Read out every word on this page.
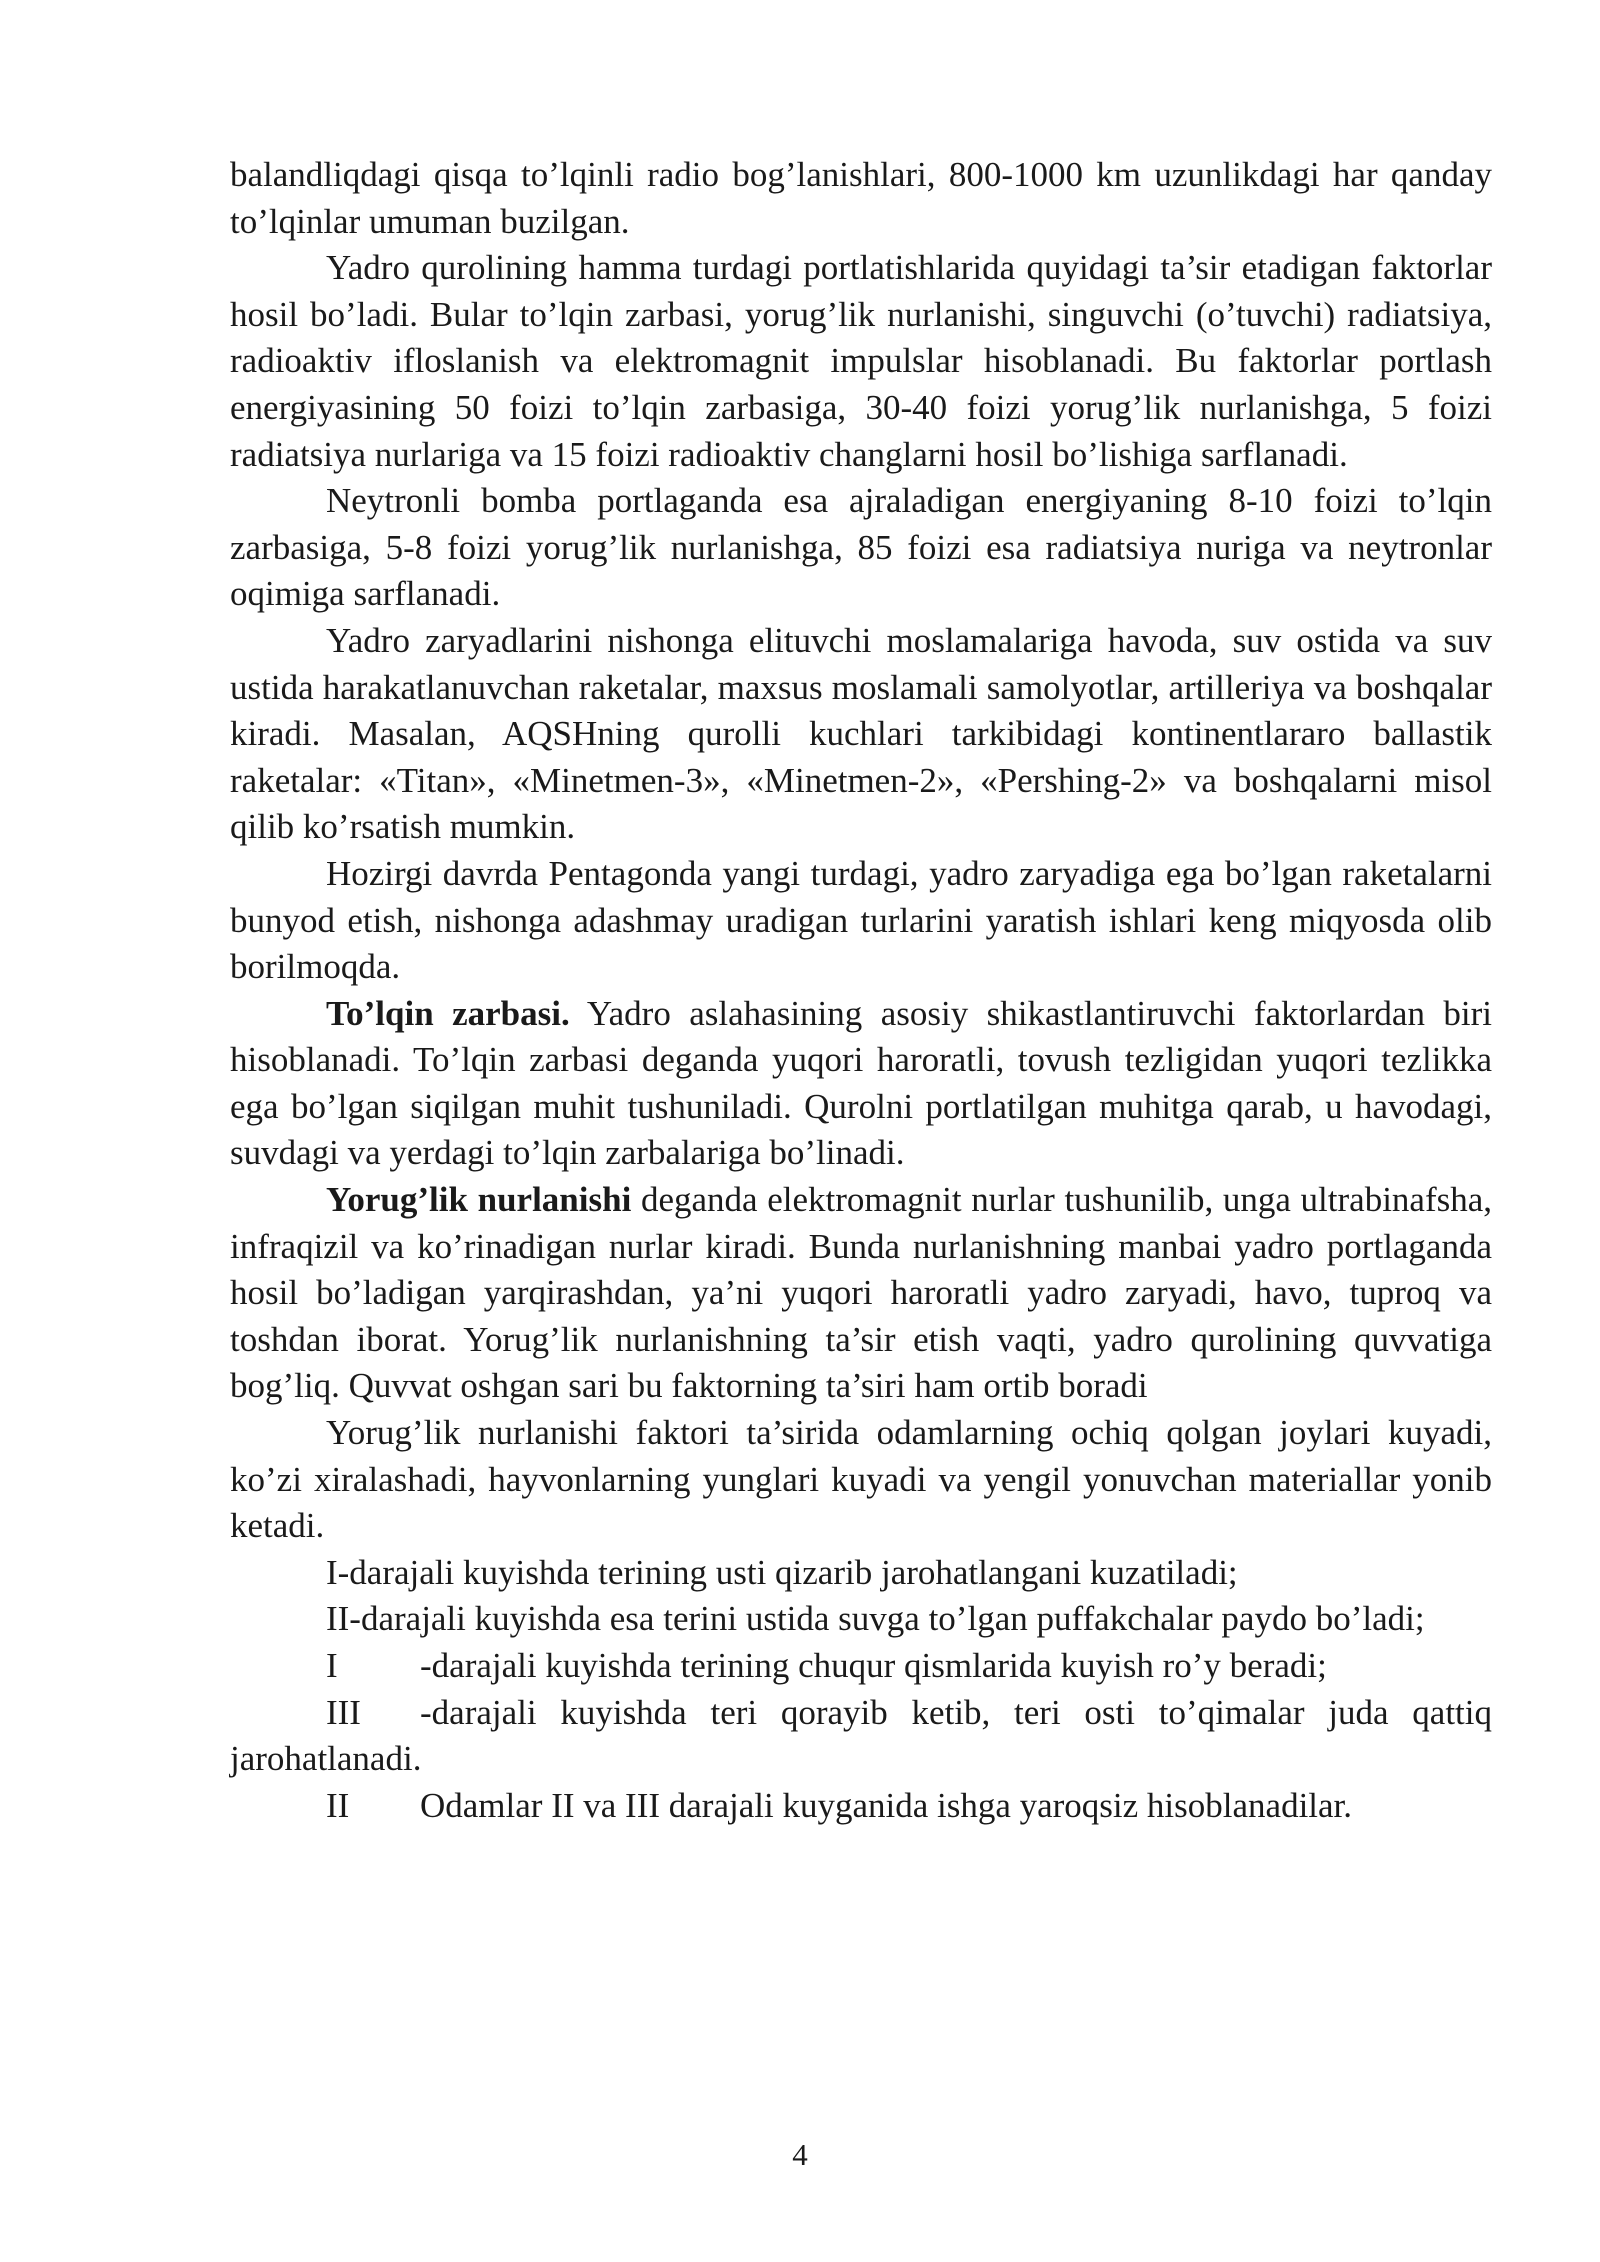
balandliqdagi qisqa to’lqinli radio bog’lanishlari, 800-1000 km uzunlikdagi har qanday to’lqinlar umuman buzilgan.

Yadro qurolining hamma turdagi portlatishlarida quyidagi ta’sir etadigan faktorlar hosil bo’ladi. Bular to’lqin zarbasi, yorug’lik nurlanishi, singuvchi (o’tuvchi) radiatsiya, radioaktiv ifloslanish va elektromagnit impulslar hisoblanadi. Bu faktorlar portlash energiyasining 50 foizi to’lqin zarbasiga, 30-40 foizi yorug’lik nurlanishga, 5 foizi radiatsiya nurlariga va 15 foizi radioaktiv changlarni hosil bo’lishiga sarflanadi.

Neytronli bomba portlaganda esa ajraladigan energiyaning 8-10 foizi to’lqin zarbasiga, 5-8 foizi yorug’lik nurlanishga, 85 foizi esa radiatsiya nuriga va neytronlar oqimiga sarflanadi.

Yadro zaryadlarini nishonga elituvchi moslamalariga havoda, suv ostida va suv ustida harakatlanuvchan raketalar, maxsus moslamali samolyotlar, artilleriya va boshqalar kiradi. Masalan, AQSHning qurolli kuchlari tarkibidagi kontinentlararo ballastik raketalar: «Titan», «Minetmen-3», «Minetmen-2», «Pershing-2» va boshqalarni misol qilib ko’rsatish mumkin.

Hozirgi davrda Pentagonda yangi turdagi, yadro zaryadiga ega bo’lgan raketalarni bunyod etish, nishonga adashmay uradigan turlarini yaratish ishlari keng miqyosda olib borilmoqda.

To’lqin zarbasi. Yadro aslahasining asosiy shikastlantiruvchi faktorlardan biri hisoblanadi. To’lqin zarbasi deganda yuqori haroratli, tovush tezligidan yuqori tezlikka ega bo’lgan siqilgan muhit tushuniladi. Qurolni portlatilgan muhitga qarab, u havodagi, suvdagi va yerdagi to’lqin zarbalariga bo’linadi.

Yorug’lik nurlanishi deganda elektromagnit nurlar tushunilib, unga ultrabinafsha, infraqizil va ko’rinadigan nurlar kiradi. Bunda nurlanishning manbai yadro portlaganda hosil bo’ladigan yarqirashdan, ya’ni yuqori haroratli yadro zaryadi, havo, tuproq va toshdan iborat. Yorug’lik nurlanishning ta’sir etish vaqti, yadro qurolining quvvatiga bog’liq. Quvvat oshgan sari bu faktorning ta’siri ham ortib boradi

Yorug’lik nurlanishi faktori ta’sirida odamlarning ochiq qolgan joylari kuyadi, ko’zi xiralashadi, hayvonlarning yunglari kuyadi va yengil yonuvchan materiallar yonib ketadi.

I-darajali kuyishda terining usti qizarib jarohatlangani kuzatiladi;

II-darajali kuyishda esa terini ustida suvga to’lgan puffakchalar paydo bo’ladi;

I -darajali kuyishda terining chuqur qismlarida kuyish ro’y beradi;

III -darajali kuyishda teri qorayib ketib, teri osti to’qimalar juda qattiq jarohatlanadi.

II Odamlar II va III darajali kuyganida ishga yaroqsiz hisoblanadilar.

4
